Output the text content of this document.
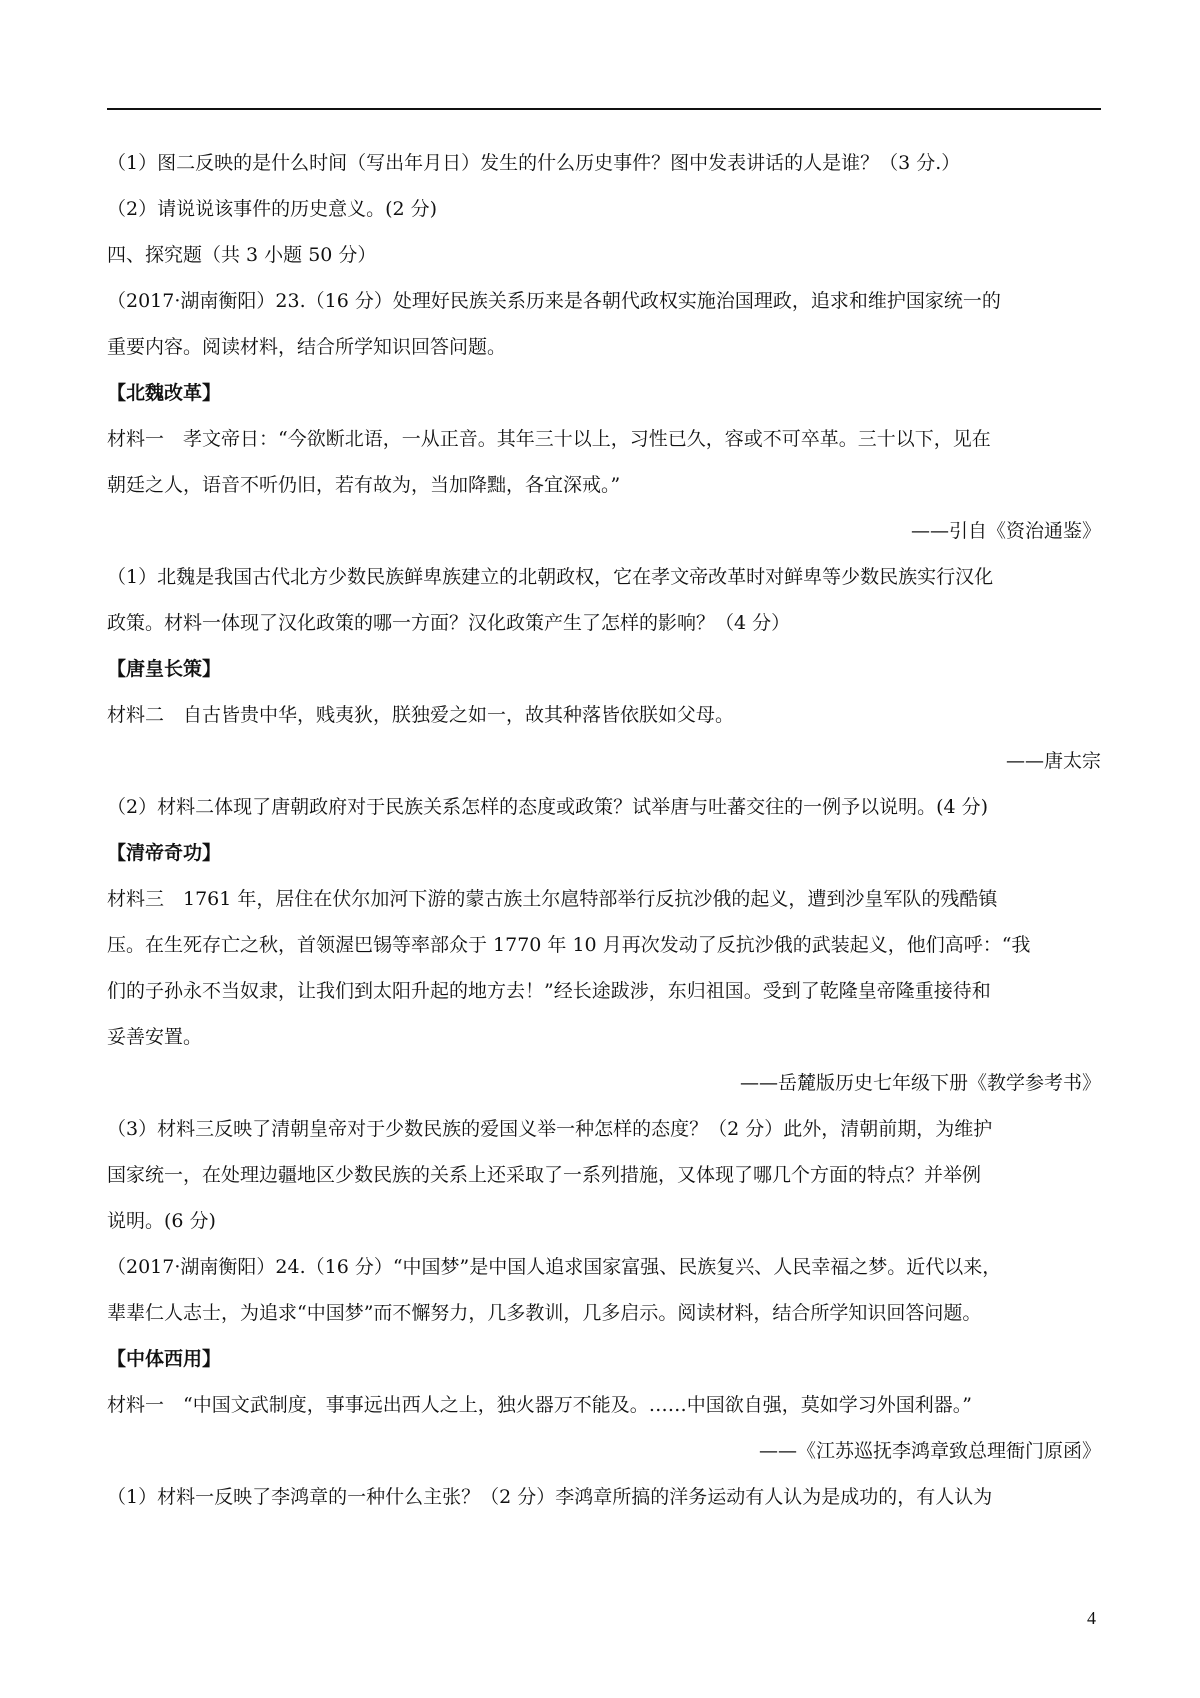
（1）图二反映的是什么时间（写出年月日）发生的什么历史事件？图中发表讲话的人是谁？（3 分.）
（2）请说说该事件的历史意义。(2 分)
四、探究题（共 3 小题 50 分）
（2017·湖南衡阳）23.（16 分）处理好民族关系历来是各朝代政权实施治国理政，追求和维护国家统一的
重要内容。阅读材料，结合所学知识回答问题。
【北魏改革】
材料一　孝文帝日：“今欲断北语，一从正音。其年三十以上，习性已久，容或不可卒革。三十以下，见在
朝廷之人，语音不听仍旧，若有故为，当加降黜，各宜深戒。”
——引自《资治通鉴》
（1）北魏是我国古代北方少数民族鲜卑族建立的北朝政权，它在孝文帝改革时对鲜卑等少数民族实行汉化
政策。材料一体现了汉化政策的哪一方面？汉化政策产生了怎样的影响？（4 分）
【唐皇长策】
材料二　自古皆贵中华，贱夷狄，朕独爱之如一，故其种落皆依朕如父母。
——唐太宗
（2）材料二体现了唐朝政府对于民族关系怎样的态度或政策？试举唐与吐蕃交往的一例予以说明。(4 分)
【清帝奇功】
材料三　1761 年，居住在伏尔加河下游的蒙古族土尔扈特部举行反抗沙俄的起义，遭到沙皇军队的残酷镇
压。在生死存亡之秋，首领渥巴锡等率部众于 1770 年 10 月再次发动了反抗沙俄的武装起义，他们高呼：“我
们的子孙永不当奴隶，让我们到太阳升起的地方去！”经长途跋涉，东归祖国。受到了乾隆皇帝隆重接待和
妥善安置。
——岳麓版历史七年级下册《教学参考书》
（3）材料三反映了清朝皇帝对于少数民族的爱国义举一种怎样的态度？（2 分）此外，清朝前期，为维护
国家统一，在处理边疆地区少数民族的关系上还采取了一系列措施，又体现了哪几个方面的特点？并举例
说明。(6 分)
（2017·湖南衡阳）24.（16 分）“中国梦”是中国人追求国家富强、民族复兴、人民幸福之梦。近代以来，
辈辈仁人志士，为追求“中国梦”而不懈努力，几多教训，几多启示。阅读材料，结合所学知识回答问题。
【中体西用】
材料一　“中国文武制度，事事远出西人之上，独火器万不能及。……中国欲自强，莫如学习外国利器。”
——《江苏巡抚李鸿章致总理衙门原函》
（1）材料一反映了李鸿章的一种什么主张？（2 分）李鸿章所搞的洋务运动有人认为是成功的，有人认为
4
